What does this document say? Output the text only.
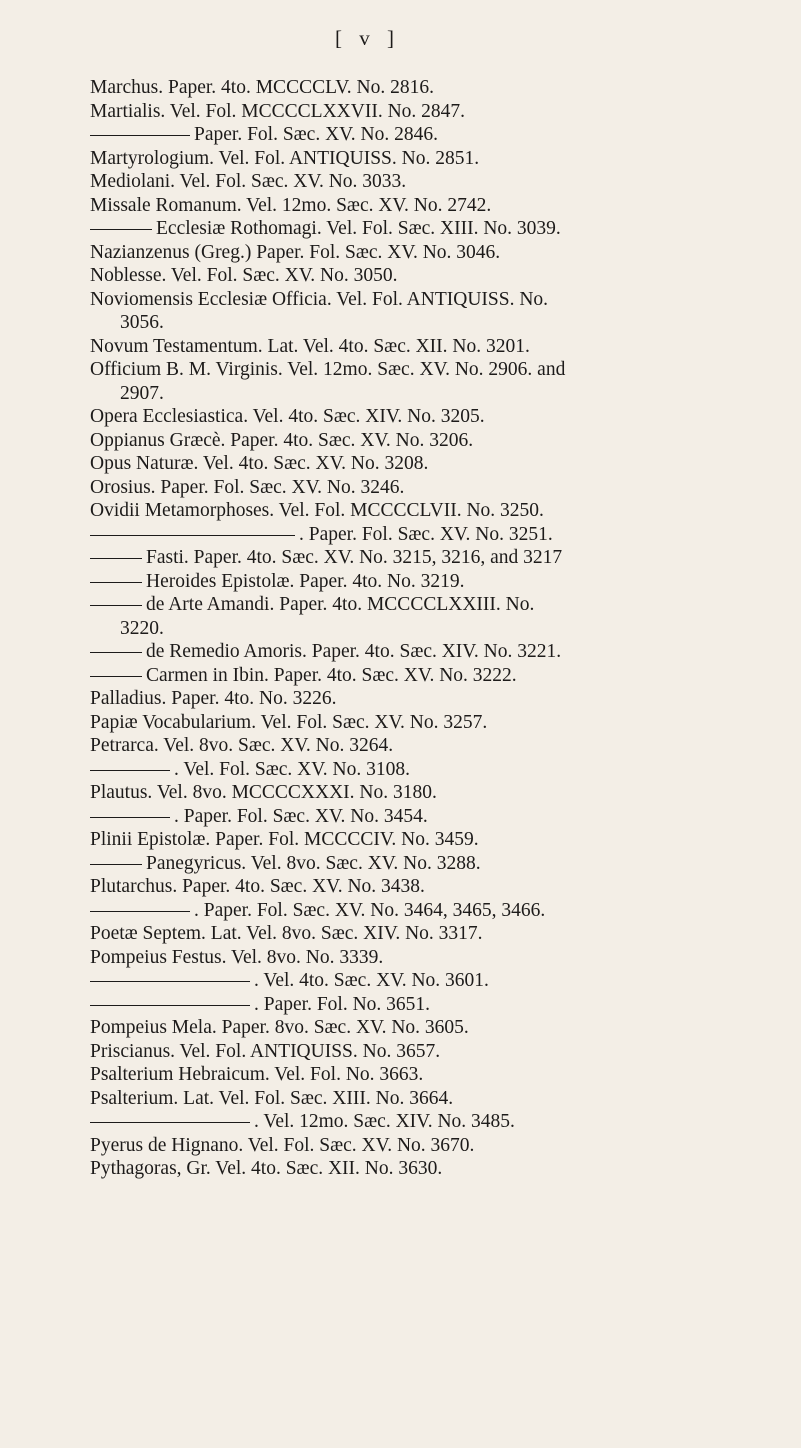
[ v ]
Marchus. Paper. 4to. MCCCCLV. No. 2816.
Martialis. Vel. Fol. MCCCCLXXVII. No. 2847.
Paper. Fol. Sæc. XV. No. 2846.
Martyrologium. Vel. Fol. ANTIQUISS. No. 2851.
Mediolani. Vel. Fol. Sæc. XV. No. 3033.
Missale Romanum. Vel. 12mo. Sæc. XV. No. 2742.
Ecclesiæ Rothomagi. Vel. Fol. Sæc. XIII. No. 3039.
Nazianzenus (Greg.) Paper. Fol. Sæc. XV. No. 3046.
Noblesse. Vel. Fol. Sæc. XV. No. 3050.
Noviomensis Ecclesiæ Officia. Vel. Fol. ANTIQUISS. No.
3056.
Novum Testamentum. Lat. Vel. 4to. Sæc. XII. No. 3201.
Officium B. M. Virginis. Vel. 12mo. Sæc. XV. No. 2906. and
2907.
Opera Ecclesiastica. Vel. 4to. Sæc. XIV. No. 3205.
Oppianus Græcè. Paper. 4to. Sæc. XV. No. 3206.
Opus Naturæ. Vel. 4to. Sæc. XV. No. 3208.
Orosius. Paper. Fol. Sæc. XV. No. 3246.
Ovidii Metamorphoses. Vel. Fol. MCCCCLVII. No. 3250.
. Paper. Fol. Sæc. XV. No. 3251.
Fasti. Paper. 4to. Sæc. XV. No. 3215, 3216, and 3217
Heroides Epistolæ. Paper. 4to. No. 3219.
de Arte Amandi. Paper. 4to. MCCCCLXXIII. No.
3220.
de Remedio Amoris. Paper. 4to. Sæc. XIV. No. 3221.
Carmen in Ibin. Paper. 4to. Sæc. XV. No. 3222.
Palladius. Paper. 4to. No. 3226.
Papiæ Vocabularium. Vel. Fol. Sæc. XV. No. 3257.
Petrarca. Vel. 8vo. Sæc. XV. No. 3264.
. Vel. Fol. Sæc. XV. No. 3108.
Plautus. Vel. 8vo. MCCCCXXXI. No. 3180.
. Paper. Fol. Sæc. XV. No. 3454.
Plinii Epistolæ. Paper. Fol. MCCCCIV. No. 3459.
Panegyricus. Vel. 8vo. Sæc. XV. No. 3288.
Plutarchus. Paper. 4to. Sæc. XV. No. 3438.
. Paper. Fol. Sæc. XV. No. 3464, 3465, 3466.
Poetæ Septem. Lat. Vel. 8vo. Sæc. XIV. No. 3317.
Pompeius Festus. Vel. 8vo. No. 3339.
. Vel. 4to. Sæc. XV. No. 3601.
. Paper. Fol. No. 3651.
Pompeius Mela. Paper. 8vo. Sæc. XV. No. 3605.
Priscianus. Vel. Fol. ANTIQUISS. No. 3657.
Psalterium Hebraicum. Vel. Fol. No. 3663.
Psalterium. Lat. Vel. Fol. Sæc. XIII. No. 3664.
. Vel. 12mo. Sæc. XIV. No. 3485.
Pyerus de Hignano. Vel. Fol. Sæc. XV. No. 3670.
Pythagoras, Gr. Vel. 4to. Sæc. XII. No. 3630.
